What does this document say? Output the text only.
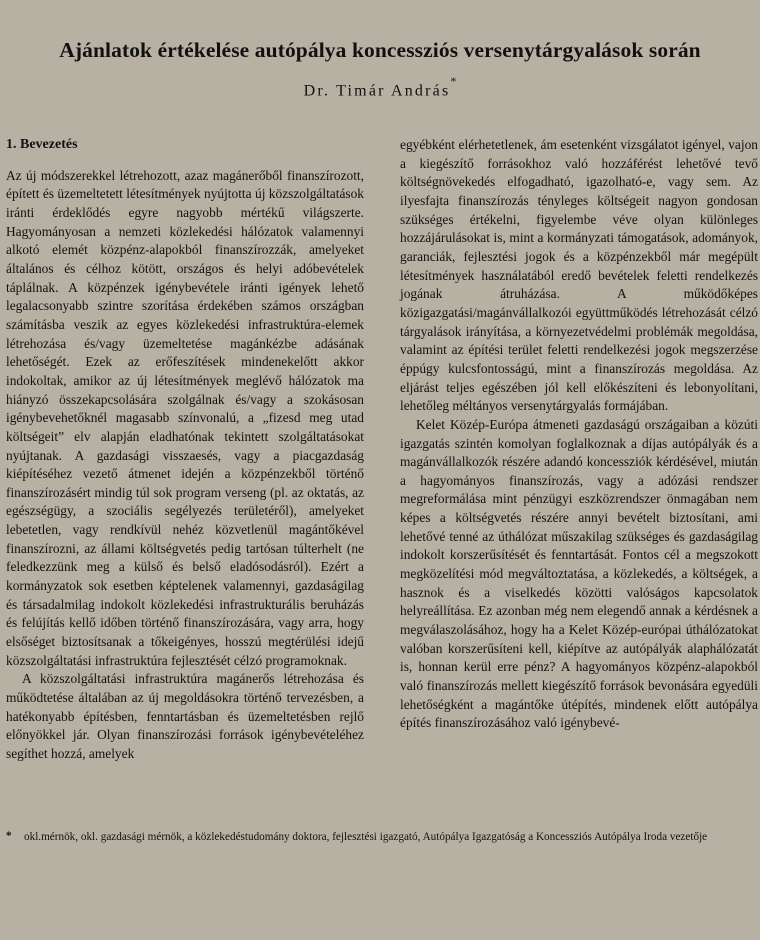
Ajánlatok értékelése autópálya koncessziós versenytárgyalások során
Dr. Timár András*
1. Bevezetés

Az új módszerekkel létrehozott, azaz magánerőből finanszírozott, épített és üzemeltetett létesítmények nyújtotta új közszolgáltatások iránti érdeklődés egyre nagyobb mértékű világszerte. Hagyományosan a nemzeti közlekedési hálózatok valamennyi alkotó elemét közpénz-alapokból finanszírozzák, amelyeket általános és célhoz kötött, országos és helyi adóbevételek táplálnak. A közpénzek igénybevétele iránti igények lehető legalacsonyabb szintre szorítása érdekében számos országban számításba veszik az egyes közlekedési infrastruktúra-elemek létrehozása és/vagy üzemeltetése magánkézbe adásának lehetőségét. Ezek az erőfeszítések mindenekelőtt akkor indokoltak, amikor az új létesítmények meglévő hálózatok ma hiányzó összekapcsolására szolgálnak és/vagy a szokásosan igénybevehetőknél magasabb színvonalú, a „fizesd meg utad költségeit” elv alapján eladhatónak tekintett szolgáltatásokat nyújtanak. A gazdasági visszaesés, vagy a piacgazdaság kiépítéséhez vezető átmenet idején a közpénzekből történő finanszírozásért mindig túl sok program verseng (pl. az oktatás, az egészségügy, a szociális segélyezés területéről), amelyeket lebetetlen, vagy rendkívül nehéz közvetlenül magántőkével finanszírozni, az állami költségvetés pedig tartósan túlterhelt (ne feledkezzünk meg a külső és belső eladósodásról). Ezért a kormányzatok sok esetben képtelenek valamennyi, gazdaságilag és társadalmilag indokolt közlekedési infrastrukturális beruházás és felújítás kellő időben történő finanszírozására, vagy arra, hogy elsőséget biztosítsanak a tőkeigényes, hosszú megtérülési idejű közszolgáltatási infrastruktúra fejlesztését célzó programoknak.

A közszolgáltatási infrastruktúra magánerős létrehozása és működtetése általában az új megoldásokra történő tervezésben, a hatékonyabb építésben, fenntartásban és üzemeltetésben rejlő előnyökkel jár. Olyan finanszírozási források igénybevételéhez segíthet hozzá, amelyek

egyébként elérhetetlenek, ám esetenként vizsgálatot igényel, vajon a kiegészítő forrásokhoz való hozzáférést lehetővé tevő költségnövekedés elfogadható, igazolható-e, vagy sem. Az ilyesfajta finanszírozás tényleges költségeit nagyon gondosan szükséges értékelni, figyelembe véve olyan különleges hozzájárulásokat is, mint a kormányzati támogatások, adományok, garanciák, fejlesztési jogok és a közpénzekből már megépült létesítmények használatából eredő bevételek feletti rendelkezés jogának átruházása. A működőképes közigazgatási/magánvállalkozói együttműködés létrehozását célzó tárgyalások irányítása, a környezetvédelmi problémák megoldása, valamint az építési terület feletti rendelkezési jogok megszerzése éppúgy kulcsfontosságú, mint a finanszírozás megoldása. Az eljárást teljes egészében jól kell előkészíteni és lebonyolítani, lehetőleg méltányos versenytárgyalás formájában.

Kelet Közép-Európa átmeneti gazdaságú országaiban a közúti igazgatás szintén komolyan foglalkoznak a díjas autópályák és a magánvállalkozók részére adandó koncessziók kérdésével, miután a hagyományos finanszírozás, vagy a adózási rendszer megreformálása mint pénzügyi eszközrendszer önmagában nem képes a költségvetés részére annyi bevételt biztosítani, ami lehetővé tenné az úthálózat műszakilag szükséges és gazdaságilag indokolt korszerűsítését és fenntartását. Fontos cél a megszokott megközelítési mód megváltoztatása, a közlekedés, a költségek, a hasznok és a viselkedés közötti valóságos kapcsolatok helyreállítása. Ez azonban még nem elegendő annak a kérdésnek a megválaszolásához, hogy ha a Kelet Közép-európai úthálózatokat valóban korszerűsíteni kell, kiépítve az autópályák alaphálózatát is, honnan kerül erre pénz? A hagyományos közpénz-alapokból való finanszírozás mellett kiegészítő források bevonására egyedüli lehetőségként a magántőke útépítés, mindenek előtt autópálya építés finanszírozásához való igénybevé-

* okl.mérnök, okl. gazdasági mérnök, a közlekedéstudomány doktora, fejlesztési igazgató, Autópálya Igazgatóság a Koncessziós Autópálya Iroda vezetője
